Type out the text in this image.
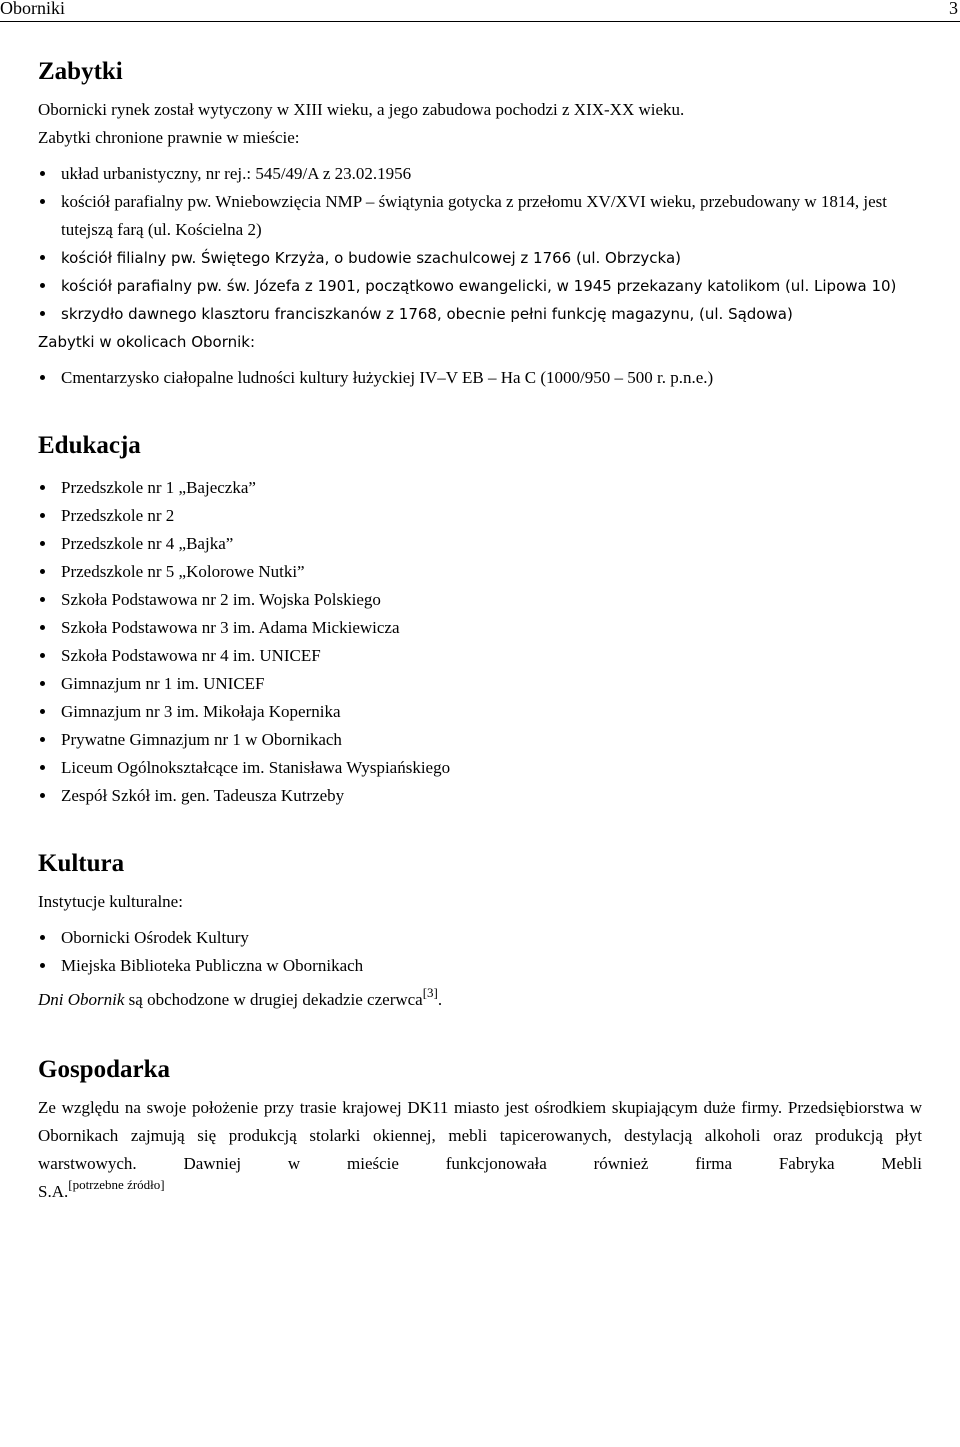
Oborniki	3
Zabytki

Obornicki rynek został wytyczony w XIII wieku, a jego zabudowa pochodzi z XIX-XX wieku.

Zabytki chronione prawnie w mieście:

układ urbanistyczny, nr rej.: 545/49/A z 23.02.1956
kościół parafialny pw. Wniebowzięcia NMP – świątynia gotycka z przełomu XV/XVI wieku, przebudowany w 1814, jest tutejszą farą (ul. Kościelna 2)
kościół filialny pw. Świętego Krzyża, o budowie szachulcowej z 1766 (ul. Obrzycka)
kościół parafialny pw. św. Józefa z 1901, początkowo ewangelicki, w 1945 przekazany katolikom (ul. Lipowa 10)
skrzydło dawnego klasztoru franciszkanów z 1768, obecnie pełni funkcję magazynu, (ul. Sądowa)

Zabytki w okolicach Obornik:

Cmentarzysko ciałopalne ludności kultury łużyckiej IV–V EB – Ha C (1000/950 – 500 r. p.n.e.)
Edukacja
Przedszkole nr 1 „Bajeczka”
Przedszkole nr 2
Przedszkole nr 4 „Bajka”
Przedszkole nr 5 „Kolorowe Nutki”
Szkoła Podstawowa nr 2 im. Wojska Polskiego
Szkoła Podstawowa nr 3 im. Adama Mickiewicza
Szkoła Podstawowa nr 4 im. UNICEF
Gimnazjum nr 1 im. UNICEF
Gimnazjum nr 3 im. Mikołaja Kopernika
Prywatne Gimnazjum nr 1 w Obornikach
Liceum Ogólnokształcące im. Stanisława Wyspiańskiego
Zespół Szkół im. gen. Tadeusza Kutrzeby
Kultura

Instytucje kulturalne:

Obornicki Ośrodek Kultury
Miejska Biblioteka Publiczna w Obornikach

Dni Obornik są obchodzone w drugiej dekadzie czerwca[3].

Gospodarka

Ze względu na swoje położenie przy trasie krajowej DK11 miasto jest ośrodkiem skupiającym duże firmy. Przedsiębiorstwa w Obornikach zajmują się produkcją stolarki okiennej, mebli tapicerowanych, destylacją alkoholi oraz produkcją płyt warstwowych. Dawniej w mieście funkcjonowała również firma Fabryka Mebli

S.A.[potrzebne źródło]
